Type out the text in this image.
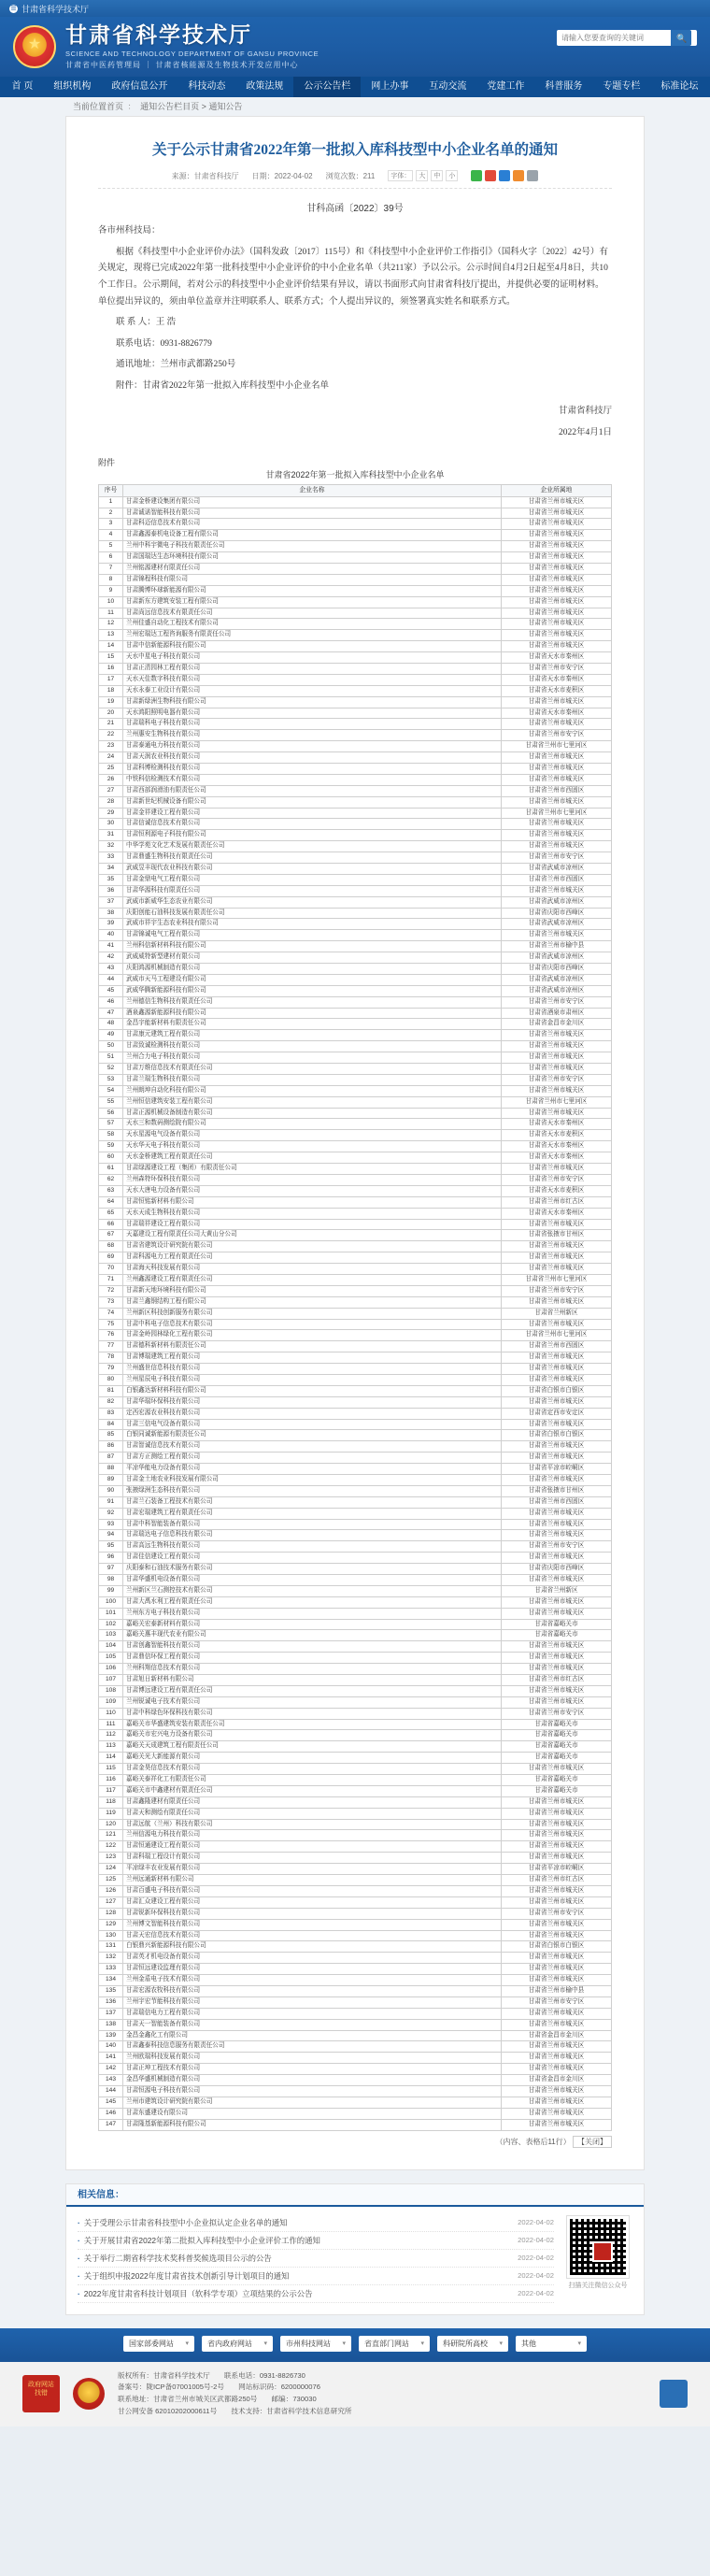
☰ 甘肃省科学技术厅
★
甘肃省科学技术厅
SCIENCE AND TECHNOLOGY DEPARTMENT OF GANSU PROVINCE
甘肃省中医药管理局 ｜ 甘肃省核能源及生物技术开发应用中心
请输入您要查询的关键词
🔍
首 页	组织机构	政府信息公开	科技动态	政策法规	公示公告栏	网上办事	互动交流	党建工作	科普服务	专题专栏	标准论坛
当前位置首页 ： 通知公告栏目页 > 通知公告
关于公示甘肃省2022年第一批拟入库科技型中小企业名单的通知
来源：甘肃省科技厅 日期：2022-04-02 浏览次数：211	字体：	大	中	小
甘科高函〔2022〕39号

各市州科技局：

根据《科技型中小企业评价办法》（国科发政〔2017〕115号）和《科技型中小企业评价工作指引》（国科火字〔2022〕42号）有关规定，现将已完成2022年第一批科技型中小企业评价的中小企业名单（共211家）予以公示。公示时间自4月2日起至4月8日，共10个工作日。公示期间，若对公示的科技型中小企业评价结果有异议，请以书面形式向甘肃省科技厅提出，并提供必要的证明材料。单位提出异议的，须由单位盖章并注明联系人、联系方式；个人提出异议的，须签署真实姓名和联系方式。

联 系 人：王 浩

联系电话：0931-8826779

通讯地址：兰州市武都路250号

附件：甘肃省2022年第一批拟入库科技型中小企业名单

甘肃省科技厅

2022年4月1日

附件
甘肃省2022年第一批拟入库科技型中小企业名单
序号	企业名称	企业所属地
1	甘肃金桥建设集团有限公司	甘肃省兰州市城关区
2	甘肃诚诺智能科技有限公司	甘肃省兰州市城关区
3	甘肃科迈信息技术有限公司	甘肃省兰州市城关区
4	甘肃鑫源泰机电设备工程有限公司	甘肃省兰州市城关区
5	兰州中科宇微电子科技有限责任公司	甘肃省兰州市城关区
6	甘肃国瑞达生态环境科技有限公司	甘肃省兰州市城关区
7	兰州铭源建材有限责任公司	甘肃省兰州市城关区
8	甘肃锦程科技有限公司	甘肃省兰州市城关区
9	甘肃腾博环球新能源有限公司	甘肃省兰州市城关区
10	甘肃新东方建筑安装工程有限公司	甘肃省兰州市城关区
11	甘肃尚远信息技术有限责任公司	甘肃省兰州市城关区
12	兰州佳盛自动化工程技术有限公司	甘肃省兰州市城关区
13	兰州宏瑞达工程咨询服务有限责任公司	甘肃省兰州市城关区
14	甘肃中信新能源科技有限公司	甘肃省兰州市城关区
15	天水中星电子科技有限公司	甘肃省天水市秦州区
16	甘肃正清园林工程有限公司	甘肃省兰州市安宁区
17	天水天佳数字科技有限公司	甘肃省天水市秦州区
18	天水永泰工业设计有限公司	甘肃省天水市麦积区
19	甘肃新绿洲生物科技有限公司	甘肃省兰州市城关区
20	天水鸿阳照明电器有限公司	甘肃省天水市秦州区
21	甘肃瑞科电子科技有限公司	甘肃省兰州市城关区
22	兰州惠安生物科技有限公司	甘肃省兰州市安宁区
23	甘肃泰通电力科技有限公司	甘肃省兰州市七里河区
24	甘肃天润农业科技有限公司	甘肃省兰州市城关区
25	甘肃科博检测科技有限公司	甘肃省兰州市城关区
26	中铁科信检测技术有限公司	甘肃省兰州市城关区
27	甘肃西部润滑油有限责任公司	甘肃省兰州市西固区
28	甘肃新世纪机械设备有限公司	甘肃省兰州市城关区
29	甘肃金祥建设工程有限公司	甘肃省兰州市七里河区
30	甘肃信诚信息技术有限公司	甘肃省兰州市城关区
31	甘肃恒利源电子科技有限公司	甘肃省兰州市城关区
32	中华学苑文化艺术发展有限责任公司	甘肃省兰州市城关区
33	甘肃鼎盛生物科技有限责任公司	甘肃省兰州市安宁区
34	武威昱丰现代农业科技有限公司	甘肃省武威市凉州区
35	甘肃金鼎电气工程有限公司	甘肃省兰州市西固区
36	甘肃华源科技有限责任公司	甘肃省兰州市城关区
37	武威市新威华生态农业有限公司	甘肃省武威市凉州区
38	庆阳创能石油科技发展有限责任公司	甘肃省庆阳市西峰区
39	武威市祥宇生态农业科技有限公司	甘肃省武威市凉州区
40	甘肃锦诚电气工程有限公司	甘肃省兰州市城关区
41	兰州科信新材料科技有限公司	甘肃省兰州市榆中县
42	武威威特新型建材有限公司	甘肃省武威市凉州区
43	庆阳鸿源机械制造有限公司	甘肃省庆阳市西峰区
44	武威市天马工程建设有限公司	甘肃省武威市凉州区
45	武威华腾新能源科技有限公司	甘肃省武威市凉州区
46	兰州德信生物科技有限责任公司	甘肃省兰州市安宁区
47	酒泉鑫源新能源科技有限公司	甘肃省酒泉市肃州区
48	金昌宇能新材料有限责任公司	甘肃省金昌市金川区
49	甘肃康元建筑工程有限公司	甘肃省兰州市城关区
50	甘肃致诚检测科技有限公司	甘肃省兰州市城关区
51	兰州合力电子科技有限公司	甘肃省兰州市城关区
52	甘肃万维信息技术有限责任公司	甘肃省兰州市城关区
53	甘肃兰瑞生物科技有限公司	甘肃省兰州市安宁区
54	兰州朗坤自动化科技有限公司	甘肃省兰州市城关区
55	兰州恒信建筑安装工程有限公司	甘肃省兰州市七里河区
56	甘肃正源机械设备制造有限公司	甘肃省兰州市城关区
57	天水三和数码测绘院有限公司	甘肃省天水市秦州区
58	天水星源电气设备有限公司	甘肃省天水市麦积区
59	天水华天电子科技有限公司	甘肃省天水市秦州区
60	天水金桥建筑工程有限责任公司	甘肃省天水市秦州区
61	甘肃绿源建设工程（集团）有限责任公司	甘肃省兰州市城关区
62	兰州森特环保科技有限公司	甘肃省兰州市安宁区
63	天水大唐电力设备有限公司	甘肃省天水市麦积区
64	甘肃恒铭新材料有限公司	甘肃省兰州市红古区
65	天水天成生物科技有限公司	甘肃省天水市秦州区
66	甘肃瑞祥建设工程有限公司	甘肃省兰州市城关区
67	天嘉建设工程有限责任公司大黄山分公司	甘肃省张掖市甘州区
68	甘肃省建筑设计研究院有限公司	甘肃省兰州市城关区
69	甘肃科源电力工程有限责任公司	甘肃省兰州市城关区
70	甘肃海天科技发展有限公司	甘肃省兰州市城关区
71	兰州鑫源建设工程有限责任公司	甘肃省兰州市七里河区
72	甘肃新天地环境科技有限公司	甘肃省兰州市安宁区
73	甘肃兰鑫钢结构工程有限公司	甘肃省兰州市城关区
74	兰州新区科技创新服务有限公司	甘肃省兰州新区
75	甘肃中科电子信息技术有限公司	甘肃省兰州市城关区
76	甘肃金岭园林绿化工程有限公司	甘肃省兰州市七里河区
77	甘肃德科新材料有限责任公司	甘肃省兰州市西固区
78	甘肃博瑞建筑工程有限公司	甘肃省兰州市城关区
79	兰州盛世信息科技有限公司	甘肃省兰州市城关区
80	兰州星辰电子科技有限公司	甘肃省兰州市城关区
81	白银鑫达新材料科技有限公司	甘肃省白银市白银区
82	甘肃华瑞环保科技有限公司	甘肃省兰州市城关区
83	定西宏源农业科技有限公司	甘肃省定西市安定区
84	甘肃三信电气设备有限公司	甘肃省兰州市城关区
85	白银同诚新能源有限责任公司	甘肃省白银市白银区
86	甘肃智诚信息技术有限公司	甘肃省兰州市城关区
87	甘肃方正测绘工程有限公司	甘肃省兰州市城关区
88	平凉华能电力设备有限公司	甘肃省平凉市崆峒区
89	甘肃金土地农业科技发展有限公司	甘肃省兰州市城关区
90	张掖绿洲生态科技有限公司	甘肃省张掖市甘州区
91	甘肃兰石装备工程技术有限公司	甘肃省兰州市西固区
92	甘肃宏瑞建筑工程有限责任公司	甘肃省兰州市城关区
93	甘肃中科智能装备有限公司	甘肃省兰州市城关区
94	甘肃瑞达电子信息科技有限公司	甘肃省兰州市城关区
95	甘肃高远生物科技有限公司	甘肃省兰州市安宁区
96	甘肃佳信建设工程有限公司	甘肃省兰州市城关区
97	庆阳泰和石油技术服务有限公司	甘肃省庆阳市西峰区
98	甘肃华盛机电设备有限公司	甘肃省兰州市城关区
99	兰州新区兰石测控技术有限公司	甘肃省兰州新区
100	甘肃大禹水利工程有限责任公司	甘肃省兰州市城关区
101	兰州东方电子科技有限公司	甘肃省兰州市城关区
102	嘉峪关宏泰新材料有限公司	甘肃省嘉峪关市
103	嘉峪关惠丰现代农业有限公司	甘肃省嘉峪关市
104	甘肃创鑫智能科技有限公司	甘肃省兰州市城关区
105	甘肃鼎信环保工程有限公司	甘肃省兰州市城关区
106	兰州科翔信息技术有限公司	甘肃省兰州市城关区
107	甘肃旭日新材料有限公司	甘肃省兰州市红古区
108	甘肃博远建设工程有限责任公司	甘肃省兰州市城关区
109	兰州锐诚电子技术有限公司	甘肃省兰州市城关区
110	甘肃中科绿色环保科技有限公司	甘肃省兰州市安宁区
111	嘉峪关市华盛建筑安装有限责任公司	甘肃省嘉峪关市
112	嘉峪关市宏兴电力设备有限公司	甘肃省嘉峪关市
113	嘉峪关天成建筑工程有限责任公司	甘肃省嘉峪关市
114	嘉峪关光大新能源有限公司	甘肃省嘉峪关市
115	甘肃金昊信息技术有限公司	甘肃省兰州市城关区
116	嘉峪关泰祥化工有限责任公司	甘肃省嘉峪关市
117	嘉峪关市中鑫建材有限责任公司	甘肃省嘉峪关市
118	甘肃鑫隆建材有限责任公司	甘肃省兰州市城关区
119	甘肃天和测绘有限责任公司	甘肃省兰州市城关区
120	甘肃远航（兰州）科技有限公司	甘肃省兰州市城关区
121	兰州信源电力科技有限公司	甘肃省兰州市城关区
122	甘肃恒通建设工程有限公司	甘肃省兰州市城关区
123	甘肃科瑞工程设计有限公司	甘肃省兰州市城关区
124	平凉绿丰农业发展有限公司	甘肃省平凉市崆峒区
125	兰州远通新材料有限公司	甘肃省兰州市红古区
126	甘肃百盛电子科技有限公司	甘肃省兰州市城关区
127	甘肃汇众建设工程有限公司	甘肃省兰州市城关区
128	甘肃锐新环保科技有限公司	甘肃省兰州市安宁区
129	兰州博文智能科技有限公司	甘肃省兰州市城关区
130	甘肃天宏信息技术有限公司	甘肃省兰州市城关区
131	白银鼎兴新能源科技有限公司	甘肃省白银市白银区
132	甘肃英才机电设备有限公司	甘肃省兰州市城关区
133	甘肃恒远建设监理有限公司	甘肃省兰州市城关区
134	兰州金盾电子技术有限公司	甘肃省兰州市城关区
135	甘肃宏源农牧科技有限公司	甘肃省兰州市榆中县
136	兰州宇宏节能科技有限公司	甘肃省兰州市安宁区
137	甘肃瑞信电力工程有限公司	甘肃省兰州市城关区
138	甘肃天一智能装备有限公司	甘肃省兰州市城关区
139	金昌金鑫化工有限公司	甘肃省金昌市金川区
140	甘肃鑫泰科技信息服务有限责任公司	甘肃省兰州市城关区
141	兰州欧瑞科技发展有限公司	甘肃省兰州市城关区
142	甘肃正坤工程技术有限公司	甘肃省兰州市城关区
143	金昌华盛机械制造有限公司	甘肃省金昌市金川区
144	甘肃恒源电子科技有限公司	甘肃省兰州市城关区
145	兰州市建筑设计研究院有限公司	甘肃省兰州市城关区
146	甘肃东盛建设有限公司	甘肃省兰州市城关区
147	甘肃隆基新能源科技有限公司	甘肃省兰州市城关区
（内容、表格后11行） 【关闭】
相关信息：
· 关于受理公示甘肃省科技型中小企业拟认定企业名单的通知	2022-04-02
· 关于开展甘肃省2022年第二批拟入库科技型中小企业评价工作的通知	2022-04-02
· 关于举行二期省科学技术奖科普奖候选项目公示的公告	2022-04-02
· 关于组织申报2022年度甘肃省技术创新引导计划项目的通知	2022-04-02
· 2022年度甘肃省科技计划项目（软科学专项）立项结果的公示公告	2022-04-02
扫描关注微信公众号
国家部委网站 ▾	省内政府网站 ▾	市州科技网站 ▾	省直部门网站 ▾	科研院所高校 ▾	其他	▾
政府网站
找错
版权所有：甘肃省科学技术厅　　联系电话：0931-8826730
备案号：陇ICP备07001005号-2号　　网站标识码：6200000076
联系地址：甘肃省兰州市城关区武都路250号　　邮编：730030
甘公网安备 62010202000611号　　技术支持：甘肃省科学技术信息研究所
